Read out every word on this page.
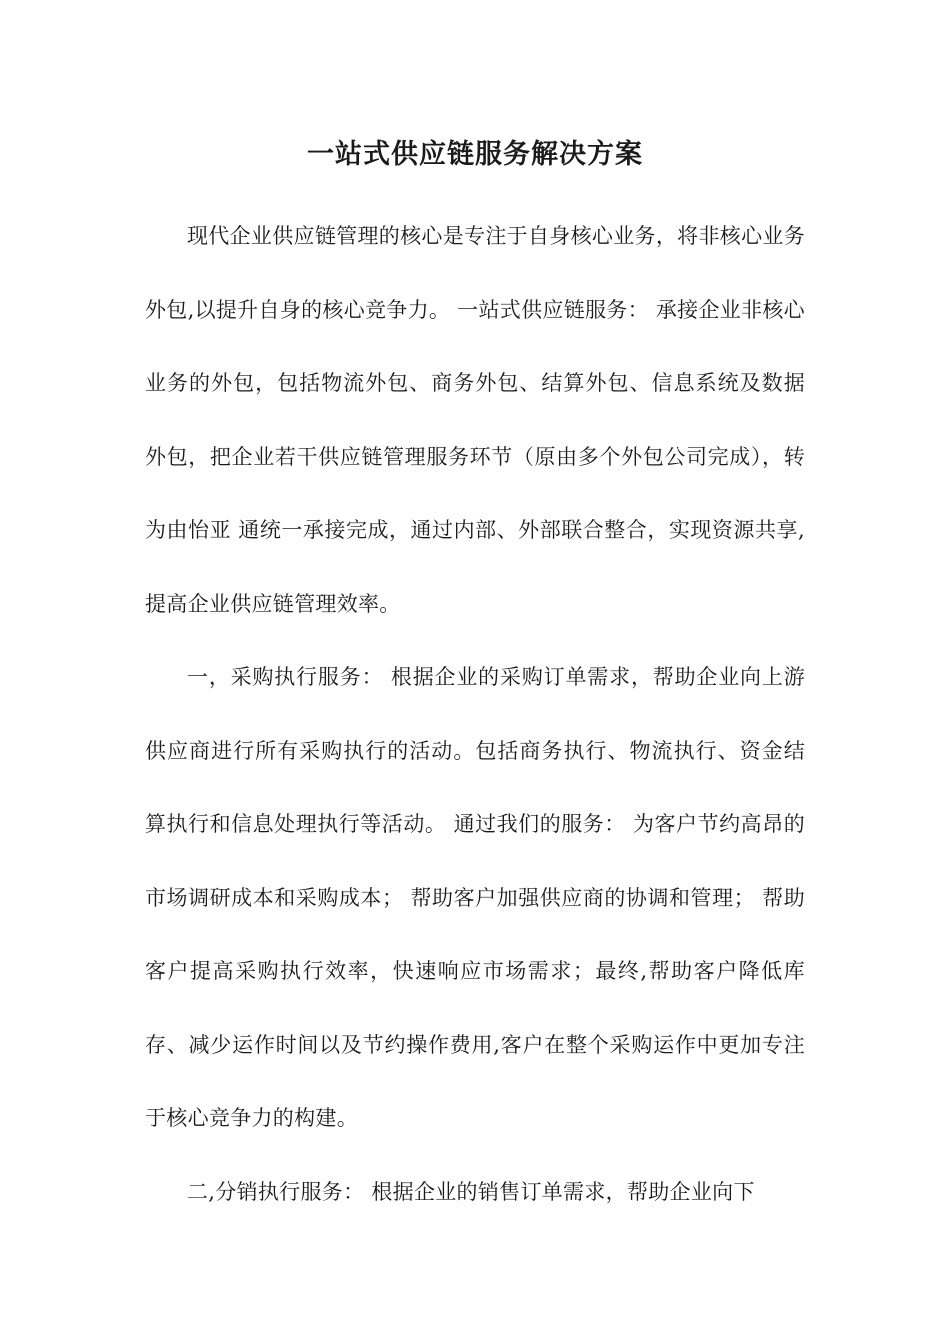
一站式供应链服务解决方案

现代企业供应链管理的核心是专注于自身核心业务，将非核心业务外包,以提升自身的核心竞争力。 一站式供应链服务： 承接企业非核心业务的外包，包括物流外包、商务外包、结算外包、信息系统及数据外包，把企业若干供应链管理服务环节（原由多个外包公司完成），转为由怡亚 通统一承接完成，通过内部、外部联合整合，实现资源共享,提高企业供应链管理效率。

一，采购执行服务： 根据企业的采购订单需求，帮助企业向上游供应商进行所有采购执行的活动。包括商务执行、物流执行、资金结算执行和信息处理执行等活动。 通过我们的服务： 为客户节约高昂的市场调研成本和采购成本； 帮助客户加强供应商的协调和管理； 帮助客户提高采购执行效率，快速响应市场需求；最终,帮助客户降低库存、减少运作时间以及节约操作费用,客户在整个采购运作中更加专注于核心竞争力的构建。

二,分销执行服务： 根据企业的销售订单需求，帮助企业向下
